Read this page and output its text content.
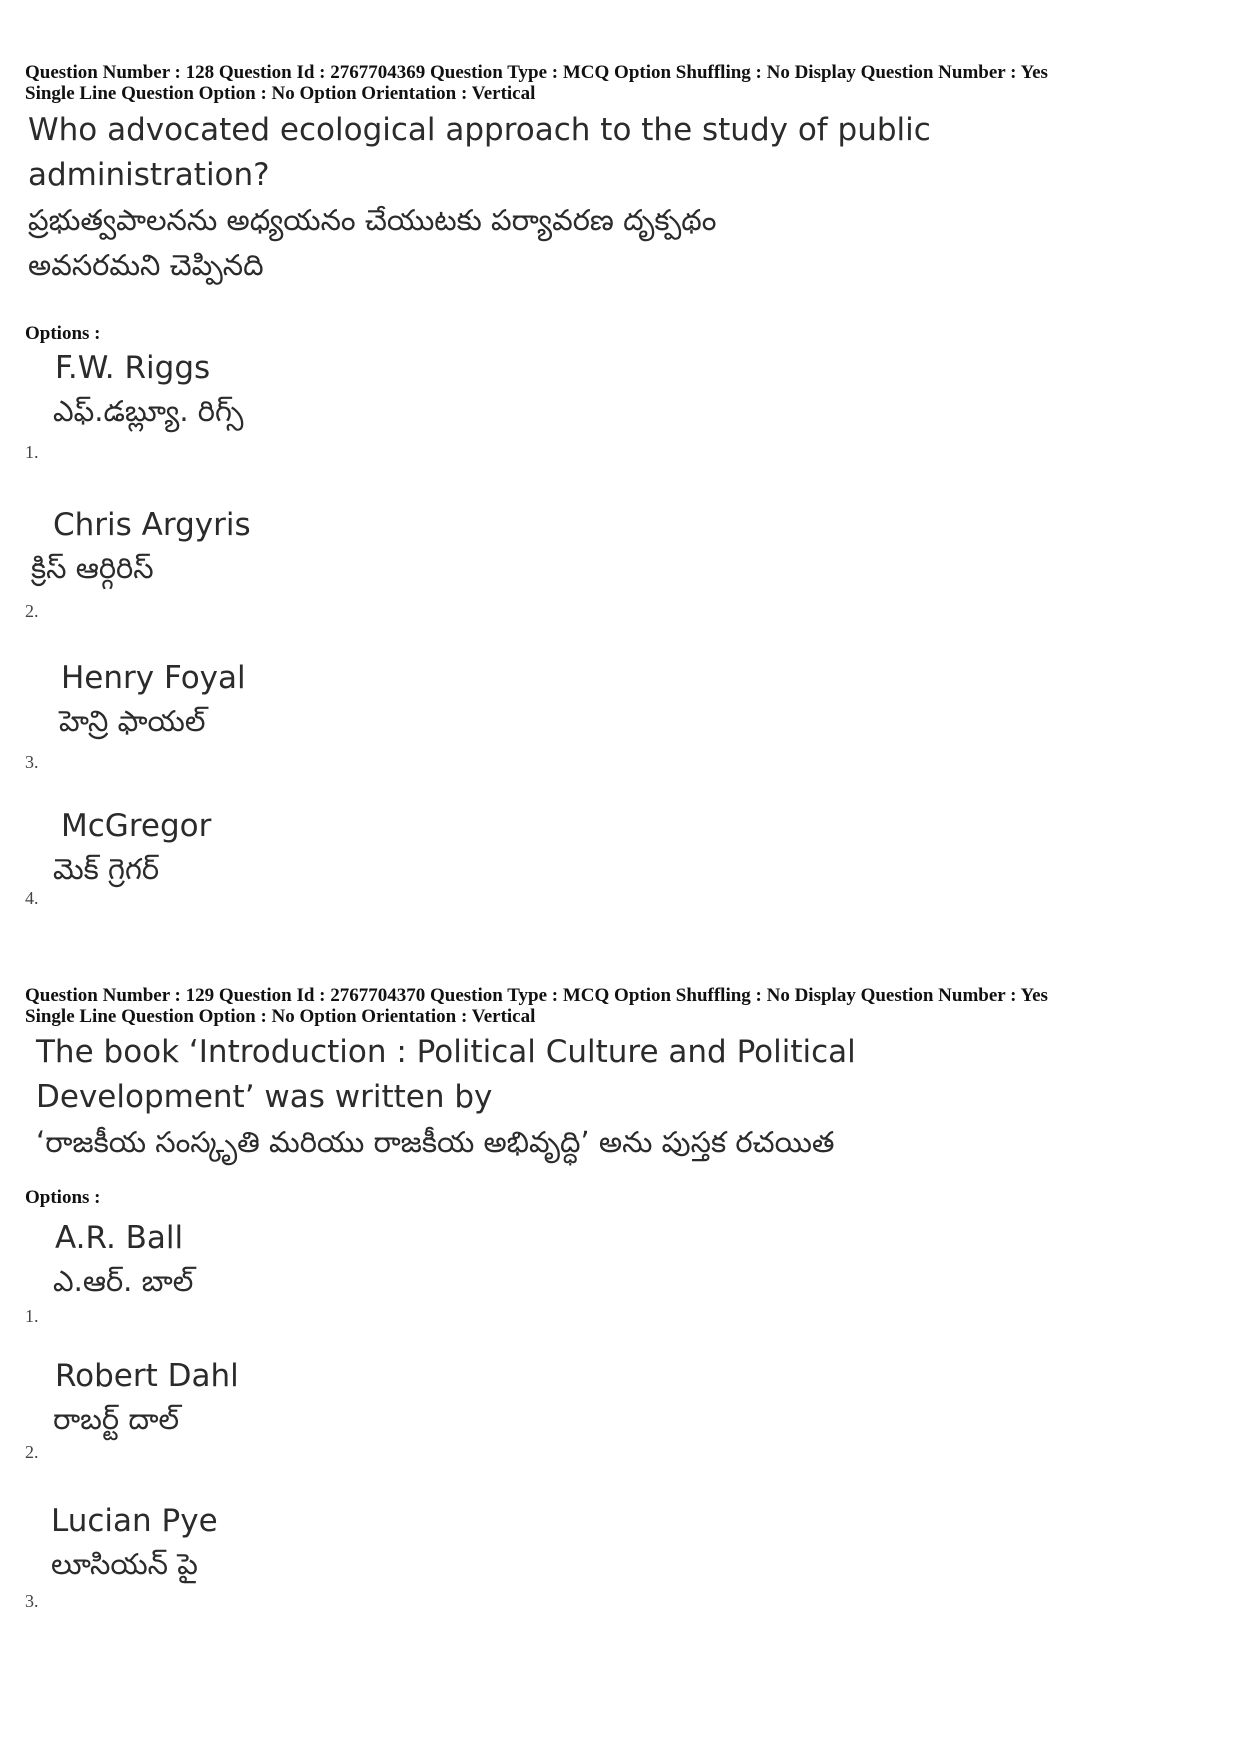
Question Number : 128 Question Id : 2767704369 Question Type : MCQ Option Shuffling : No Display Question Number : Yes
Single Line Question Option : No Option Orientation : Vertical
Who advocated ecological approach to the study of public
administration?
ప్రభుత్వపాలనను అధ్యయనం చేయుటకు పర్యావరణ దృక్పథం
అవసరమని చెప్పినది
Options :
F.W. Riggs
ఎఫ్.డబ్ల్యూ. రిగ్స్
1.
Chris Argyris
క్రిస్ ఆర్గిరిస్
2.
Henry Foyal
హెన్రి ఫాయల్
3.
McGregor
మెక్ గ్రెగర్
4.
Question Number : 129 Question Id : 2767704370 Question Type : MCQ Option Shuffling : No Display Question Number : Yes
Single Line Question Option : No Option Orientation : Vertical
The book ‘Introduction : Political Culture and Political
Development’ was written by
‘రాజకీయ సంస్కృతి మరియు రాజకీయ అభివృద్ధి’ అను పుస్తక రచయిత
Options :
A.R. Ball
ఎ.ఆర్. బాల్
1.
Robert Dahl
రాబర్ట్ దాల్
2.
Lucian Pye
లూసియన్ పై
3.
